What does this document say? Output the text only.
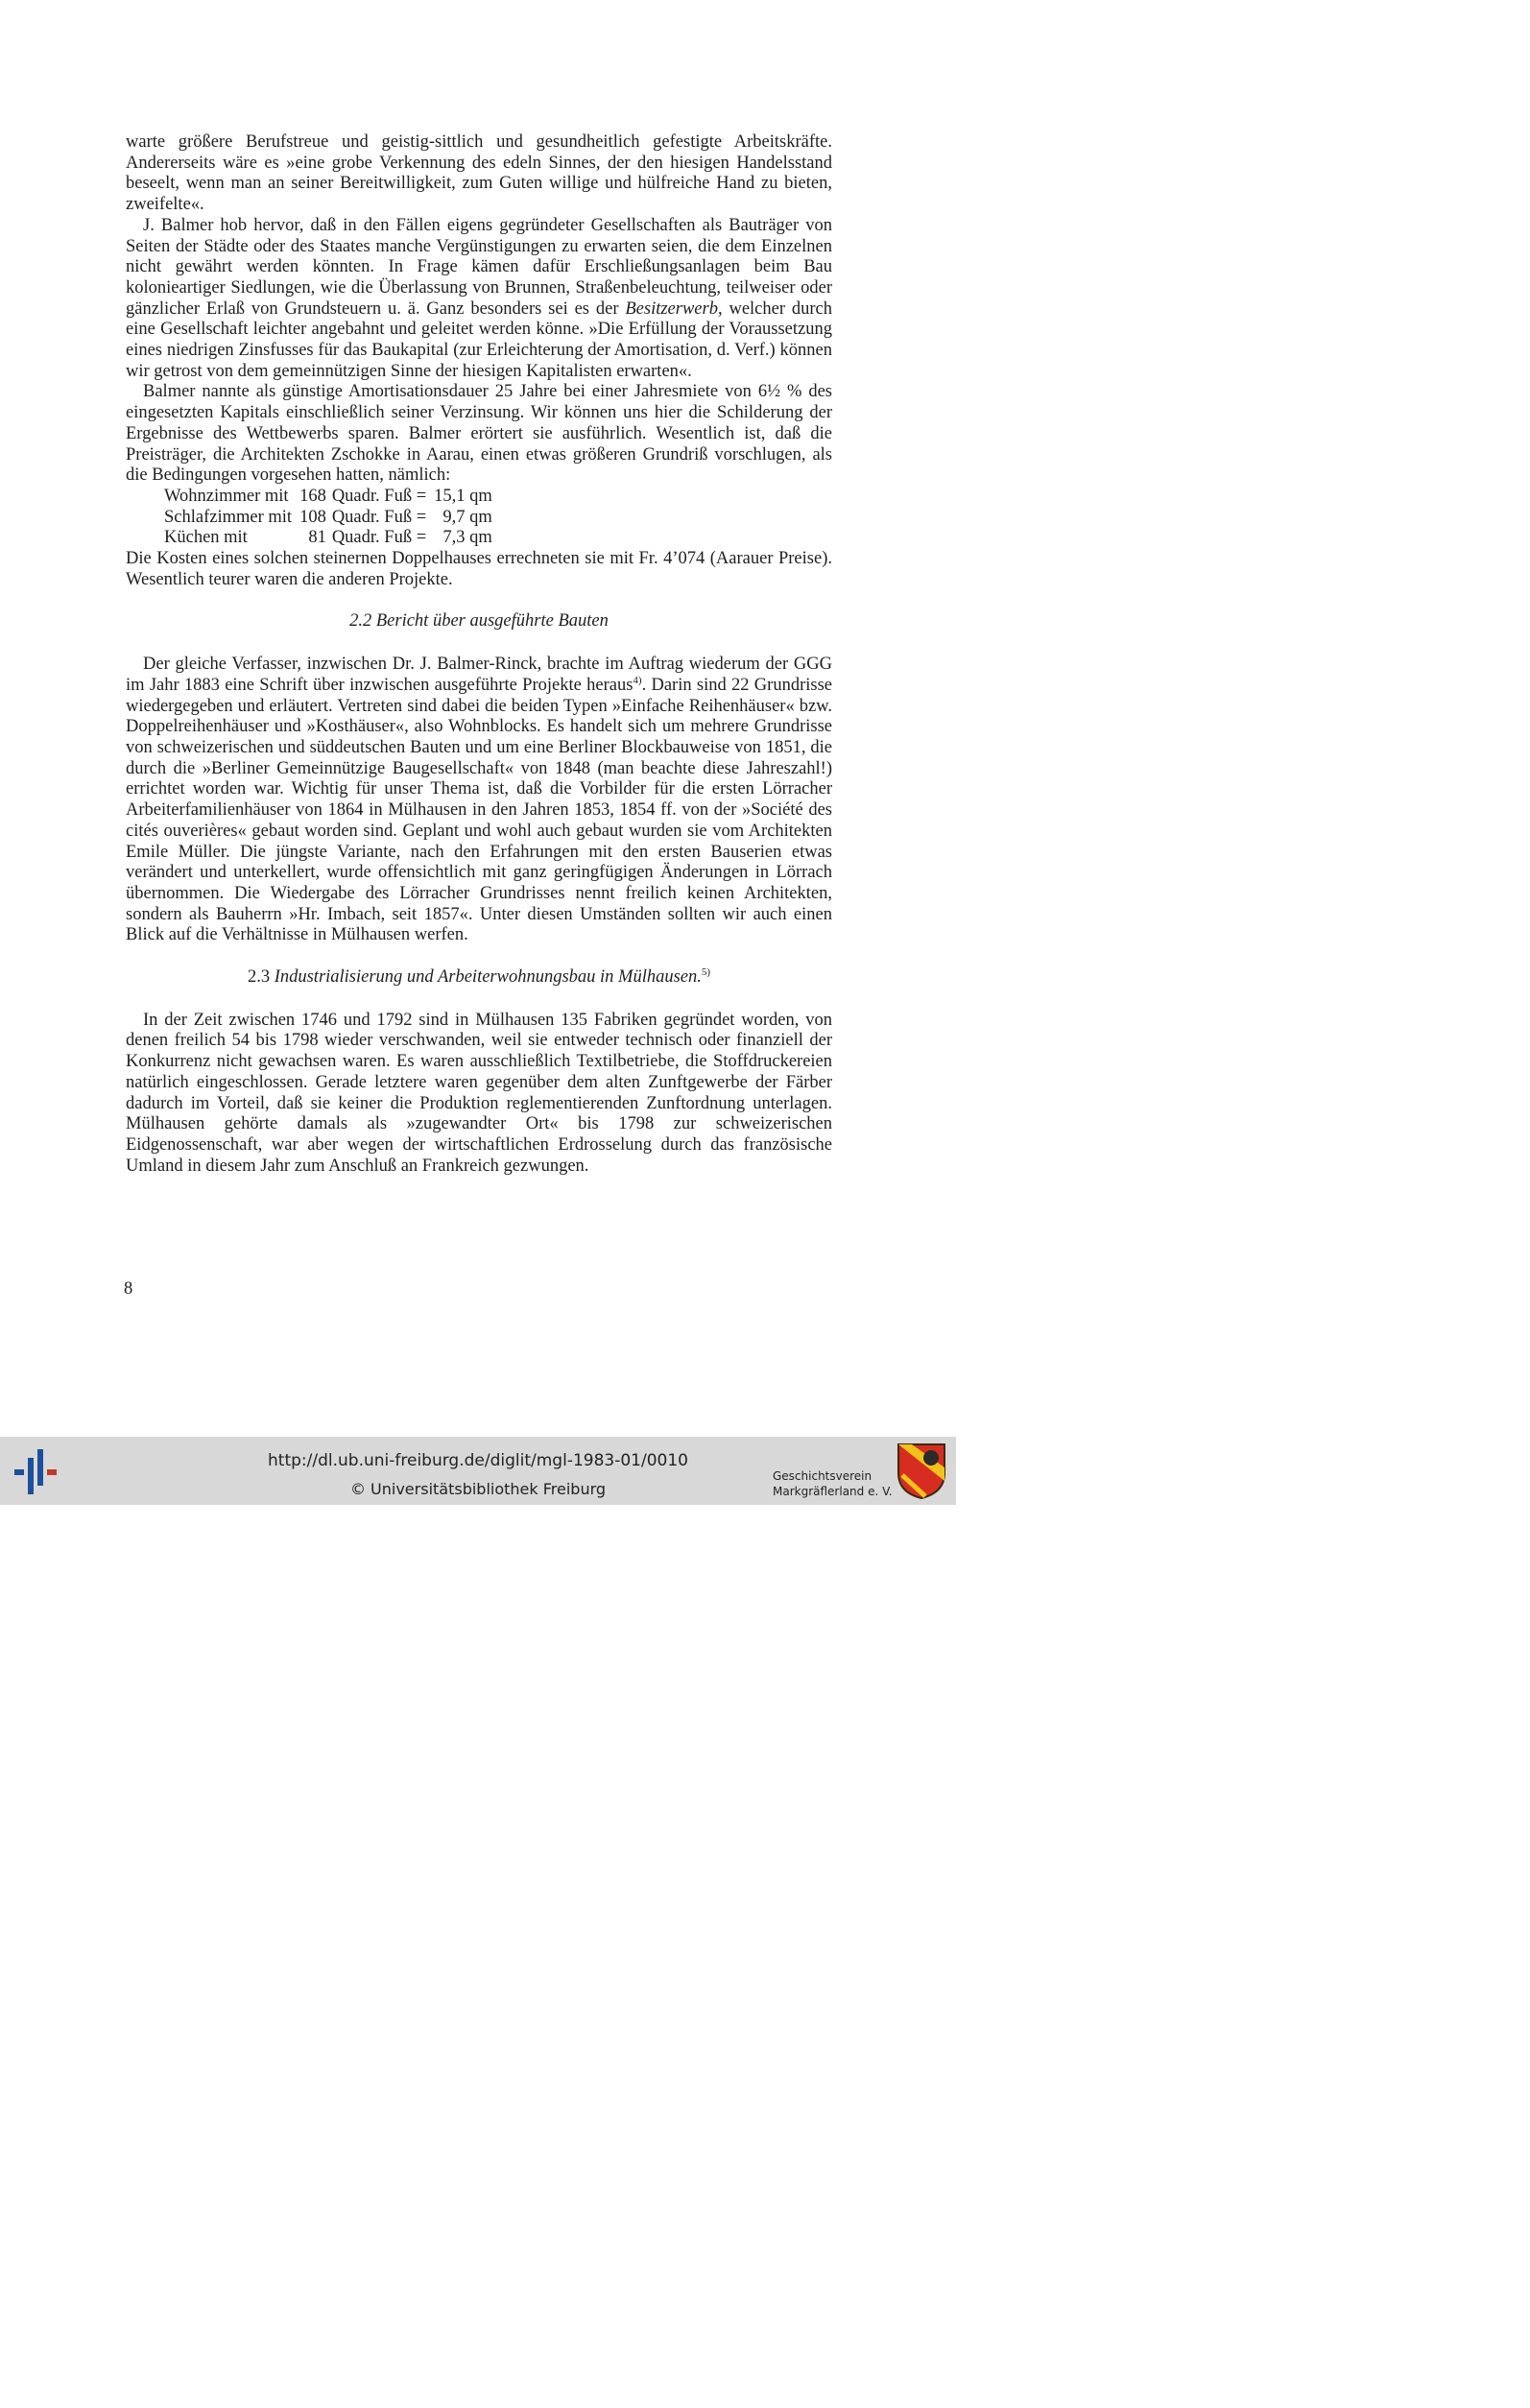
warte größere Berufstreue und geistig-sittlich und gesundheitlich gefestigte Arbeitskräfte. Andererseits wäre es »eine grobe Verkennung des edeln Sinnes, der den hiesigen Handelsstand beseelt, wenn man an seiner Bereitwilligkeit, zum Guten willige und hülfreiche Hand zu bieten, zweifelte«.

J. Balmer hob hervor, daß in den Fällen eigens gegründeter Gesellschaften als Bauträger von Seiten der Städte oder des Staates manche Vergünstigungen zu erwarten seien, die dem Einzelnen nicht gewährt werden könnten. In Frage kämen dafür Erschließungsanlagen beim Bau kolonieartiger Siedlungen, wie die Überlassung von Brunnen, Straßenbeleuchtung, teilweiser oder gänzlicher Erlaß von Grundsteuern u. ä. Ganz besonders sei es der Besitzerwerb, welcher durch eine Gesellschaft leichter angebahnt und geleitet werden könne. »Die Erfüllung der Voraussetzung eines niedrigen Zinsfusses für das Baukapital (zur Erleichterung der Amortisation, d. Verf.) können wir getrost von dem gemeinnützigen Sinne der hiesigen Kapitalisten erwarten«.

Balmer nannte als günstige Amortisationsdauer 25 Jahre bei einer Jahresmiete von 6½ % des eingesetzten Kapitals einschließlich seiner Verzinsung. Wir können uns hier die Schilderung der Ergebnisse des Wettbewerbs sparen. Balmer erörtert sie ausführlich. Wesentlich ist, daß die Preisträger, die Architekten Zschokke in Aarau, einen etwas größeren Grundriß vorschlugen, als die Bedingungen vorgesehen hatten, nämlich:

Wohnzimmer mit	168	Quadr. Fuß =	15,1 qm
Schlafzimmer mit	108	Quadr. Fuß =	9,7 qm
Küchen mit	81	Quadr. Fuß =	7,3 qm

Die Kosten eines solchen steinernen Doppelhauses errechneten sie mit Fr. 4’074 (Aarauer Preise). Wesentlich teurer waren die anderen Projekte.

2.2 Bericht über ausgeführte Bauten

Der gleiche Verfasser, inzwischen Dr. J. Balmer-Rinck, brachte im Auftrag wiederum der GGG im Jahr 1883 eine Schrift über inzwischen ausgeführte Projekte heraus$^{4)}$. Darin sind 22 Grundrisse wiedergegeben und erläutert. Vertreten sind dabei die beiden Typen »Einfache Reihenhäuser« bzw. Doppelreihenhäuser und »Kosthäuser«, also Wohnblocks. Es handelt sich um mehrere Grundrisse von schweizerischen und süddeutschen Bauten und um eine Berliner Blockbauweise von 1851, die durch die »Berliner Gemeinnützige Baugesellschaft« von 1848 (man beachte diese Jahreszahl!) errichtet worden war. Wichtig für unser Thema ist, daß die Vorbilder für die ersten Lörracher Arbeiterfamilienhäuser von 1864 in Mülhausen in den Jahren 1853, 1854 ff. von der »Société des cités ouverières« gebaut worden sind. Geplant und wohl auch gebaut wurden sie vom Architekten Emile Müller. Die jüngste Variante, nach den Erfahrungen mit den ersten Bauserien etwas verändert und unterkellert, wurde offensichtlich mit ganz geringfügigen Änderungen in Lörrach übernommen. Die Wiedergabe des Lörracher Grundrisses nennt freilich keinen Architekten, sondern als Bauherrn »Hr. Imbach, seit 1857«. Unter diesen Umständen sollten wir auch einen Blick auf die Verhältnisse in Mülhausen werfen.

2.3 Industrialisierung und Arbeiterwohnungsbau in Mülhausen.$^{5)}$

In der Zeit zwischen 1746 und 1792 sind in Mülhausen 135 Fabriken gegründet worden, von denen freilich 54 bis 1798 wieder verschwanden, weil sie entweder technisch oder finanziell der Konkurrenz nicht gewachsen waren. Es waren ausschließlich Textilbetriebe, die Stoffdruckereien natürlich eingeschlossen. Gerade letztere waren gegenüber dem alten Zunftgewerbe der Färber dadurch im Vorteil, daß sie keiner die Produktion reglementierenden Zunftordnung unterlagen. Mülhausen gehörte damals als »zugewandter Ort« bis 1798 zur schweizerischen Eidgenossenschaft, war aber wegen der wirtschaftlichen Erdrosselung durch das französische Umland in diesem Jahr zum Anschluß an Frankreich gezwungen.

8
http://dl.ub.uni-freiburg.de/diglit/mgl-1983-01/0010
© Universitätsbibliothek Freiburg
Geschichtsverein
Markgräflerland e. V.
